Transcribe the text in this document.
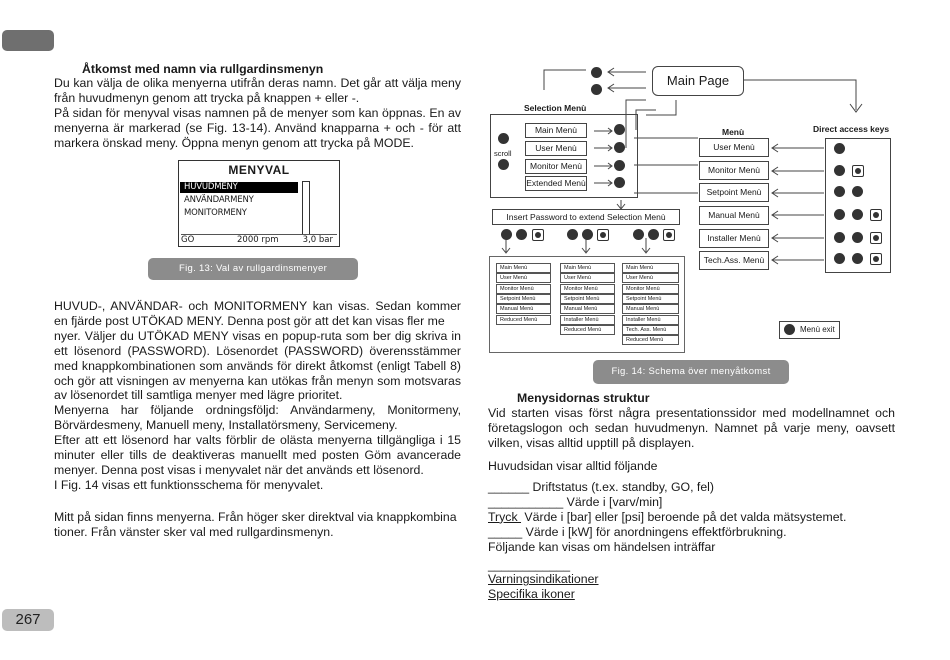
267
Åtkomst med namn via rullgardinsmenyn
Du kan välja de olika menyerna utifrån deras namn. Det går att välja meny
från huvudmenyn genom att trycka på knappen + eller -.
På sidan för menyval visas namnen på de menyer som kan öppnas. En av
menyerna är markerad (se Fig. 13-14). Använd knapparna + och - för att
markera önskad meny. Öppna menyn genom att trycka på MODE.
MENYVAL
HUVUDMENY
ANVÄNDARMENY
MONITORMENY
GO	2000 rpm	3,0 bar
Fig. 13: Val av rullgardinsmenyer
HUVUD-, ANVÄNDAR- och MONITORMENY kan visas. Sedan kommer
en fjärde post UTÖKAD MENY. Denna post gör att det kan visas fler me
nyer. Väljer du UTÖKAD MENY visas en popup-ruta som ber dig skriva in
ett lösenord (PASSWORD). Lösenordet (PASSWORD) överensstämmer
med knappkombinationen som används för direkt åtkomst (enligt Tabell 8)
och gör att visningen av menyerna kan utökas från menyn som motsvaras
av lösenordet till samtliga menyer med lägre prioritet.
Menyerna har följande ordningsföljd: Användarmeny, Monitormeny,
Börvärdesmeny, Manuell meny, Installatörsmeny, Servicemeny.
Efter att ett lösenord har valts förblir de olästa menyerna tillgängliga i 15
minuter eller tills de deaktiveras manuellt med posten Göm avancerade
menyer. Denna post visas i menyvalet när det används ett lösenord.
I Fig. 14 visas ett funktionsschema för menyvalet.
Mitt på sidan finns menyerna. Från höger sker direktval via knappkombina
tioner. Från vänster sker val med rullgardinsmenyn.
Main Page
Selection Menù
scroll
Main Menù
User Menù
Monitor Menù
Extended Menù
Insert Password to extend Selection Menù
Main Menù
User Menù
Monitor Menù
Setpoint Menù
Manual Menù
Reduced Menù
Main Menù
User Menù
Monitor Menù
Setpoint Menù
Manual Menù
Installer Menù
Reduced Menù
Main Menù
User Menù
Monitor Menù
Setpoint Menù
Manual Menù
Installer Menù
Tech. Ass. Menù
Reduced Menù
Menù
User Menù
Monitor Menù
Setpoint Menù
Manual Menù
Installer Menù
Tech.Ass. Menù
Direct access keys
Menù exit
Fig. 14: Schema över menyåtkomst
Menysidornas struktur
Vid starten visas först några presentationssidor med modellnamnet och
företagslogon och sedan huvudmenyn. Namnet på varje meny, oavsett
vilken, visas alltid upptill på displayen.
Huvudsidan visar alltid följande
______ Driftstatus (t.ex. standby, GO, fel)
___________ Värde i [varv/min]
Tryck  Värde i [bar] eller [psi] beroende på det valda mätsystemet.
_____ Värde i [kW] för anordningens effektförbrukning.
Följande kan visas om händelsen inträffar
____________
Varningsindikationer
Specifika ikoner
